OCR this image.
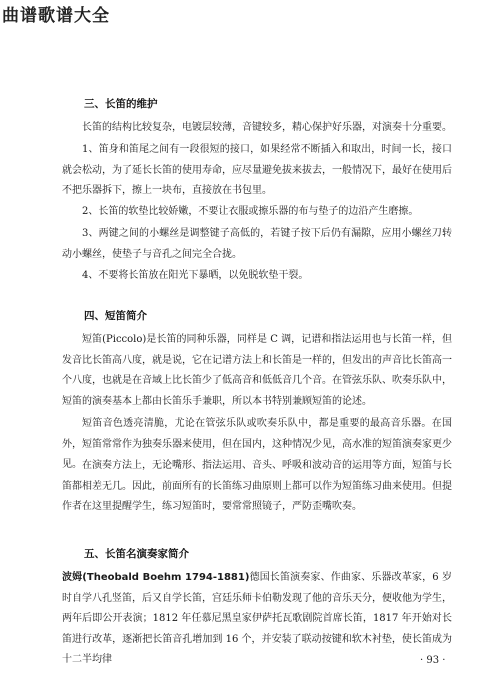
曲谱歌谱大全
三、长笛的维护

长笛的结构比较复杂，电镀层较薄，音键较多，精心保护好乐器，对演奏十分重要。

1、笛身和笛尾之间有一段很短的接口，如果经常不断插入和取出，时间一长，接口就会松动，为了延长长笛的使用寿命，应尽量避免拔来拔去，一般情况下，最好在使用后不把乐器拆下，擦上一块布，直接放在书包里。

2、长笛的软垫比较娇嫩，不要让衣服或擦乐器的布与垫子的边沿产生磨擦。

3、两键之间的小螺丝是调整键子高低的，若键子按下后仍有漏隙，应用小螺丝刀转动小螺丝，使垫子与音孔之间完全合拢。

4、不要将长笛放在阳光下暴晒，以免脱软垫干裂。

四、短笛简介

短笛(Piccolo)是长笛的同种乐器，同样是 C 调，记谱和指法运用也与长笛一样，但发音比长笛高八度，就是说，它在记谱方法上和长笛是一样的，但发出的声音比长笛高一个八度，也就是在音域上比长笛少了低高音和低低音几个音。在管弦乐队、吹奏乐队中，短笛的演奏基本上都由长笛乐手兼职，所以本书特别兼顾短笛的论述。

短笛音色透亮清脆，尤论在管弦乐队或吹奏乐队中，都是重要的最高音乐器。在国外，短笛常常作为独奏乐器来使用，但在国内，这种情况少见，高水准的短笛演奏家更少见。 在演奏方法上，无论嘴形、指法运用、音头、呼吸和波动音的运用等方面，短笛与长笛都相差无几。因此，前面所有的长笛练习曲原则上都可以作为短笛练习曲来使用。但提作者在这里提醒学生，练习短笛时，要常常照镜子，严防歪嘴吹奏。

五、长笛名演奏家简介

波姆(Theobald Boehm 1794-1881)德国长笛演奏家、作曲家、乐器改革家，6 岁时自学八孔竖笛，后又自学长笛，宫廷乐师卡伯勒发现了他的音乐天分，便收他为学生，两年后即公开表演；1812 年任慕尼黑皇家伊萨托瓦歌剧院首席长笛，1817 年开始对长笛进行改革，逐渐把长笛音孔增加到 16 个，并安装了联动按键和软木衬垫，使长笛成为十二半均律	· 93 ·
